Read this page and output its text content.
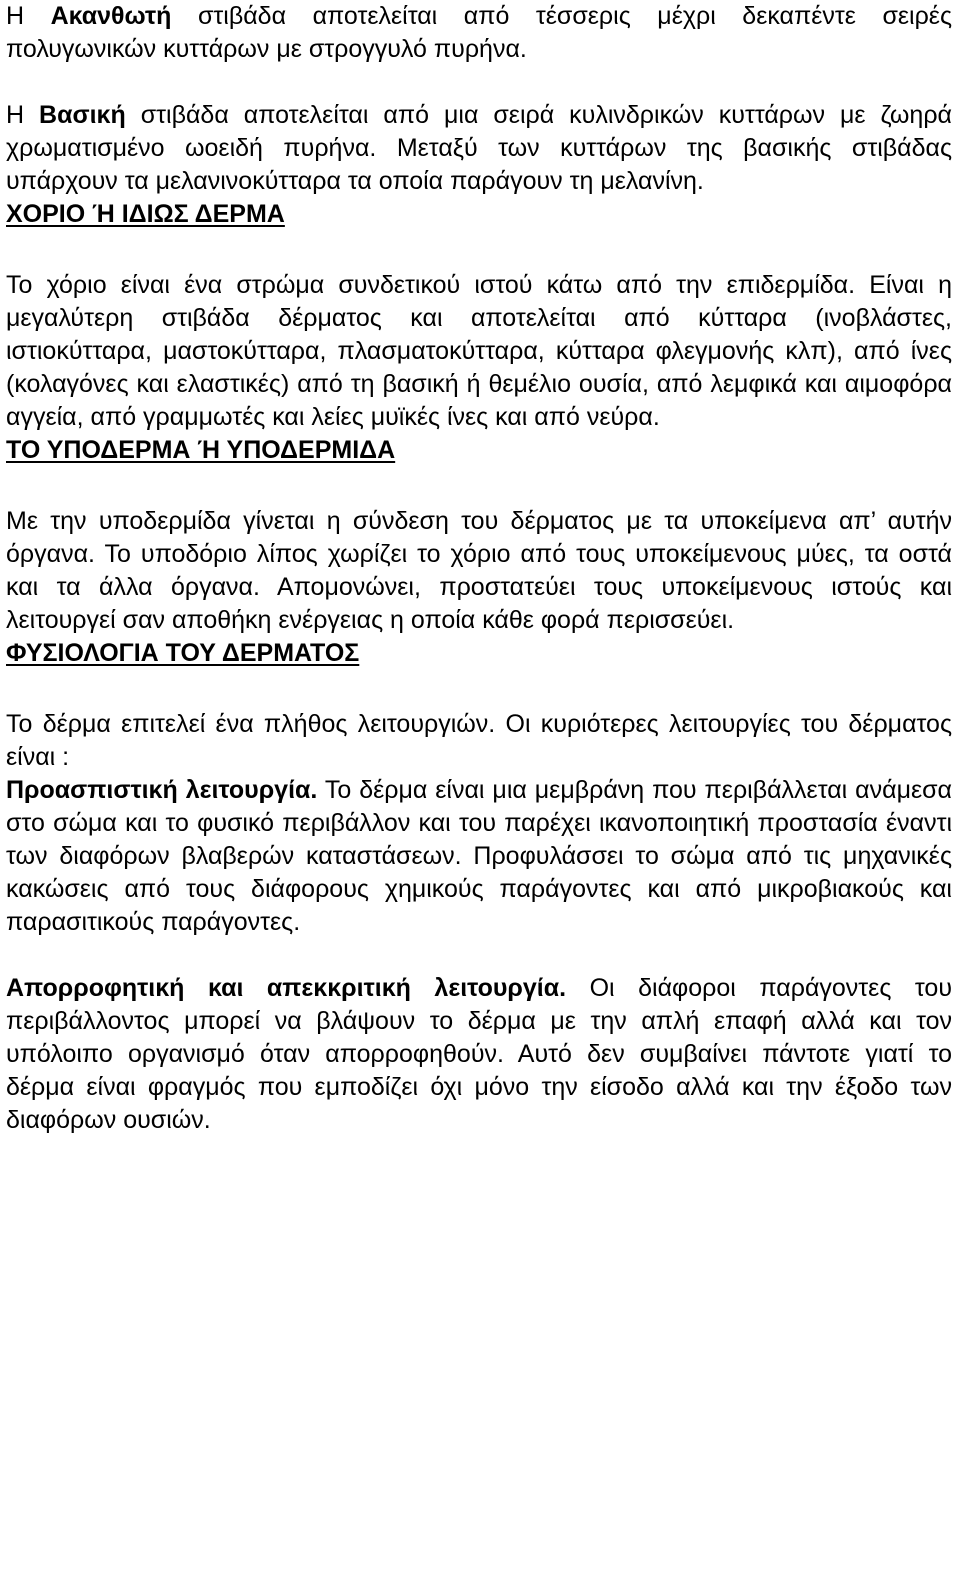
Η Ακανθωτή στιβάδα αποτελείται από τέσσερις μέχρι δεκαπέντε σειρές πολυγωνικών κυττάρων με στρογγυλό πυρήνα.

Η Βασική στιβάδα αποτελείται από μια σειρά κυλινδρικών κυττάρων με ζωηρά χρωματισμένο ωοειδή πυρήνα. Μεταξύ των κυττάρων της βασικής στιβάδας υπάρχουν τα μελανινοκύτταρα τα οποία παράγουν τη μελανίνη.

ΧΟΡΙΟ Ή ΙΔΙΩΣ ΔΕΡΜΑ

Το χόριο είναι ένα στρώμα συνδετικού ιστού κάτω από την επιδερμίδα. Είναι η μεγαλύτερη στιβάδα δέρματος και αποτελείται από κύτταρα (ινοβλάστες, ιστιοκύτταρα, μαστοκύτταρα, πλασματοκύτταρα, κύτταρα φλεγμονής κλπ), από ίνες (κολαγόνες και ελαστικές) από τη βασική ή θεμέλιο ουσία, από λεμφικά και αιμοφόρα αγγεία, από γραμμωτές και λείες μυϊκές ίνες και από νεύρα.

ΤΟ ΥΠΟΔΕΡΜΑ Ή ΥΠΟΔΕΡΜΙΔΑ

Με την υποδερμίδα γίνεται η σύνδεση του δέρματος με τα υποκείμενα απ’ αυτήν όργανα. Το υποδόριο λίπος χωρίζει το χόριο από τους υποκείμενους μύες, τα οστά και τα άλλα όργανα. Απομονώνει, προστατεύει τους υποκείμενους ιστούς και λειτουργεί σαν αποθήκη ενέργειας η οποία κάθε φορά περισσεύει.

ΦΥΣΙΟΛΟΓΙΑ ΤΟΥ ΔΕΡΜΑΤΟΣ

Το δέρμα επιτελεί ένα πλήθος λειτουργιών. Οι κυριότερες λειτουργίες του δέρματος είναι :

Προασπιστική λειτουργία. Το δέρμα είναι μια μεμβράνη που περιβάλλεται ανάμεσα στο σώμα και το φυσικό περιβάλλον και του παρέχει ικανοποιητική προστασία έναντι των διαφόρων βλαβερών καταστάσεων. Προφυλάσσει το σώμα από τις μηχανικές κακώσεις από τους διάφορους χημικούς παράγοντες και από μικροβιακούς και παρασιτικούς παράγοντες.

Απορροφητική και απεκκριτική λειτουργία. Οι διάφοροι παράγοντες του περιβάλλοντος μπορεί να βλάψουν το δέρμα με την απλή επαφή αλλά και τον υπόλοιπο οργανισμό όταν απορροφηθούν. Αυτό δεν συμβαίνει πάντοτε γιατί το δέρμα είναι φραγμός που εμποδίζει όχι μόνο την είσοδο αλλά και την έξοδο των διαφόρων ουσιών.
